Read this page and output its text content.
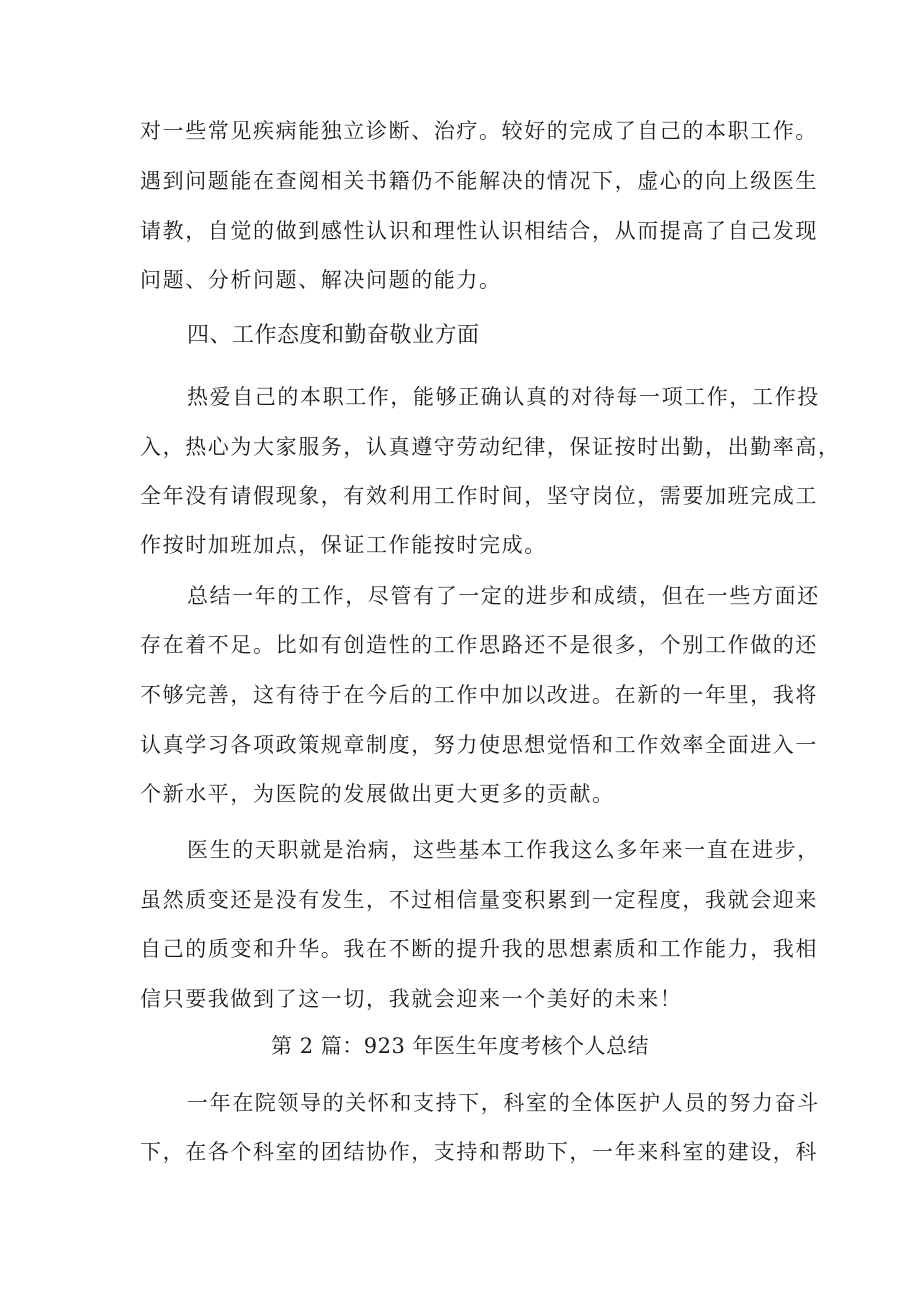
对一些常见疾病能独立诊断、治疗。较好的完成了自己的本职工作。
遇到问题能在查阅相关书籍仍不能解决的情况下，虚心的向上级医生
请教，自觉的做到感性认识和理性认识相结合，从而提高了自己发现
问题、分析问题、解决问题的能力。
四、工作态度和勤奋敬业方面
热爱自己的本职工作，能够正确认真的对待每一项工作，工作投
入，热心为大家服务，认真遵守劳动纪律，保证按时出勤，出勤率高，
全年没有请假现象，有效利用工作时间，坚守岗位，需要加班完成工
作按时加班加点，保证工作能按时完成。
总结一年的工作，尽管有了一定的进步和成绩，但在一些方面还
存在着不足。比如有创造性的工作思路还不是很多，个别工作做的还
不够完善，这有待于在今后的工作中加以改进。在新的一年里，我将
认真学习各项政策规章制度，努力使思想觉悟和工作效率全面进入一
个新水平，为医院的发展做出更大更多的贡献。
医生的天职就是治病，这些基本工作我这么多年来一直在进步，
虽然质变还是没有发生，不过相信量变积累到一定程度，我就会迎来
自己的质变和升华。我在不断的提升我的思想素质和工作能力，我相
信只要我做到了这一切，我就会迎来一个美好的未来！
第 2 篇：923 年医生年度考核个人总结
一年在院领导的关怀和支持下，科室的全体医护人员的努力奋斗
下，在各个科室的团结协作，支持和帮助下，一年来科室的建设，科
